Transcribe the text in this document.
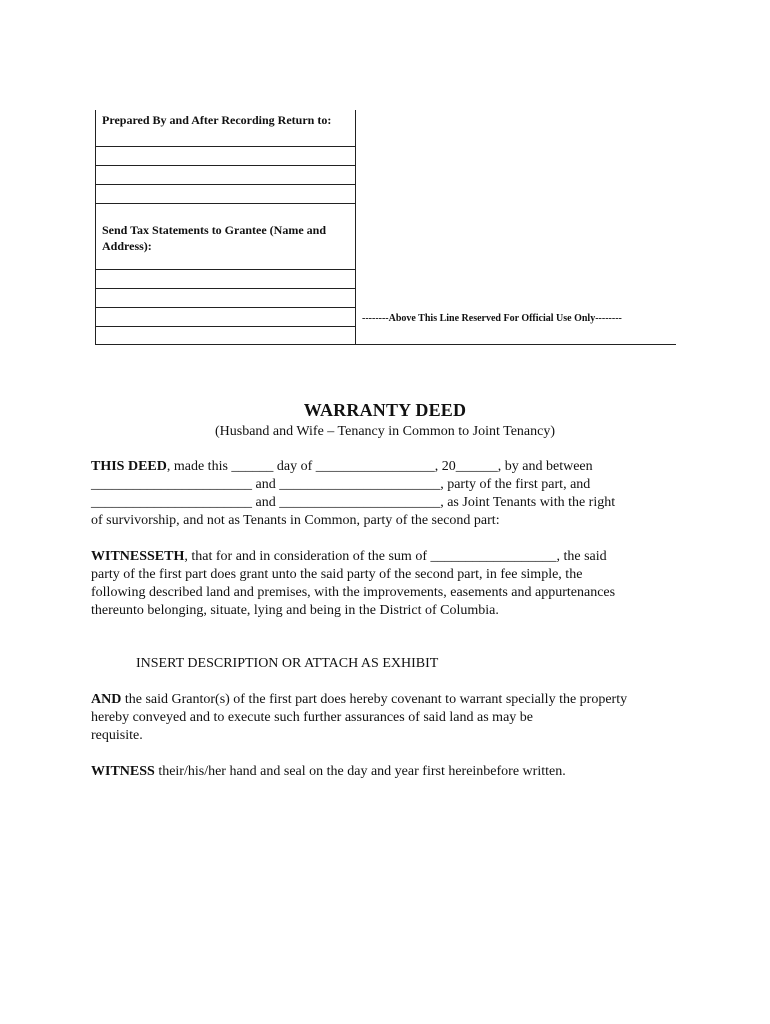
Prepared By and After Recording Return to:
Send Tax Statements to Grantee (Name and
Address):
--------Above This Line Reserved For Official Use Only--------
WARRANTY DEED
(Husband and Wife – Tenancy in Common to Joint Tenancy)
THIS DEED, made this ______ day of _________________, 20______, by and between
_______________________ and _______________________, party of the first part, and
_______________________ and _______________________, as Joint Tenants with the right
of survivorship, and not as Tenants in Common, party of the second part:
WITNESSETH, that for and in consideration of the sum of __________________, the said
party of the first part does grant unto the said party of the second part, in fee simple, the
following described land and premises, with the improvements, easements and appurtenances
thereunto belonging, situate, lying and being in the District of Columbia.
INSERT DESCRIPTION OR ATTACH AS EXHIBIT
AND the said Grantor(s) of the first part does hereby covenant to warrant specially the property
hereby conveyed and to execute such further assurances of said land as may be
requisite.
WITNESS their/his/her hand and seal on the day and year first hereinbefore written.
